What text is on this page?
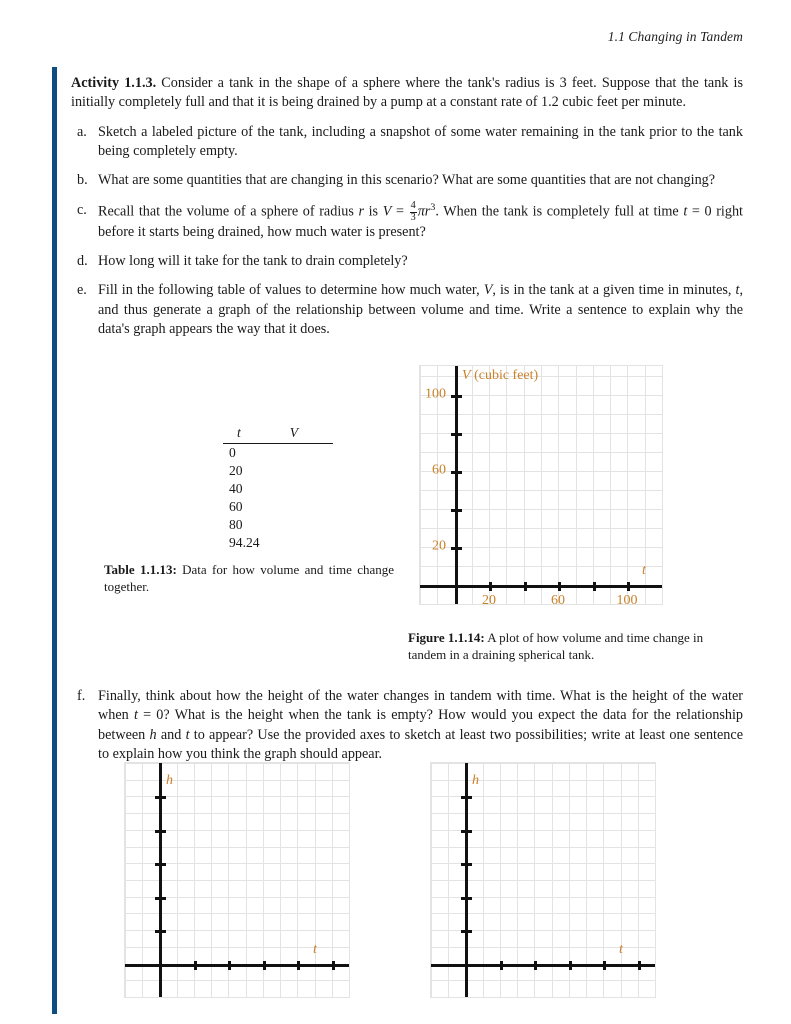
1.1 Changing in Tandem

Activity 1.1.3. Consider a tank in the shape of a sphere where the tank's radius is 3 feet. Suppose that the tank is initially completely full and that it is being drained by a pump at a constant rate of 1.2 cubic feet per minute.

a. Sketch a labeled picture of the tank, including a snapshot of some water remaining in the tank prior to the tank being completely empty.
b. What are some quantities that are changing in this scenario? What are some quantities that are not changing?
c. Recall that the volume of a sphere of radius r is $V = \frac{4}{3} \pi r^3$. When the tank is completely full at time t = 0 right before it starts being drained, how much water is present?
d. How long will it take for the tank to drain completely?
e. Fill in the following table of values to determine how much water, V, is in the tank at a given time in minutes, t, and thus generate a graph of the relationship between volume and time. Write a sentence to explain why the data's graph appears the way that it does.
t	V
0	
20	
40	
60	
80	
94.24	
Table 1.1.13: Data for how volume and time change together.
20	60	100
20
60
100
V (cubic feet)
t
Figure 1.1.14: A plot of how volume and time change in tandem in a draining spherical tank.
f. Finally, think about how the height of the water changes in tandem with time. What is the height of the water when t = 0? What is the height when the tank is empty? How would you expect the data for the relationship between h and t to appear? Use the provided axes to sketch at least two possibilities; write at least one sentence to explain how you think the graph should appear.
h
t
h
t
